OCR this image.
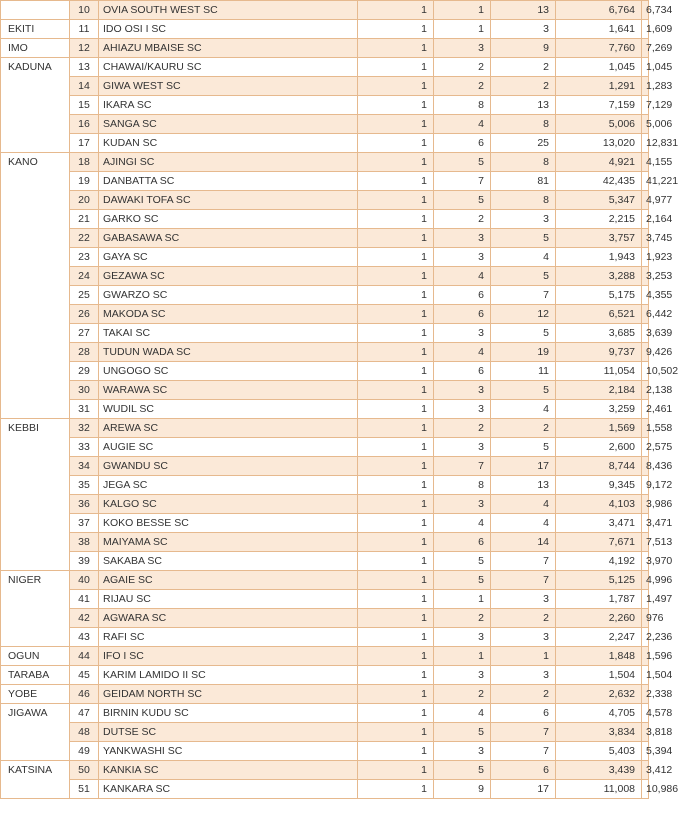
	10	OVIA SOUTH WEST SC	1	1	13	6,764	6,734
EKITI	11	IDO OSI I SC	1	1	3	1,641	1,609
IMO	12	AHIAZU MBAISE SC	1	3	9	7,760	7,269
KADUNA	13	CHAWAI/KAURU SC	1	2	2	1,045	1,045
	14	GIWA WEST SC	1	2	2	1,291	1,283
	15	IKARA SC	1	8	13	7,159	7,129
	16	SANGA SC	1	4	8	5,006	5,006
	17	KUDAN SC	1	6	25	13,020	12,831
KANO	18	AJINGI SC	1	5	8	4,921	4,155
	19	DANBATTA SC	1	7	81	42,435	41,221
	20	DAWAKI TOFA SC	1	5	8	5,347	4,977
	21	GARKO SC	1	2	3	2,215	2,164
	22	GABASAWA SC	1	3	5	3,757	3,745
	23	GAYA SC	1	3	4	1,943	1,923
	24	GEZAWA SC	1	4	5	3,288	3,253
	25	GWARZO SC	1	6	7	5,175	4,355
	26	MAKODA SC	1	6	12	6,521	6,442
	27	TAKAI SC	1	3	5	3,685	3,639
	28	TUDUN WADA SC	1	4	19	9,737	9,426
	29	UNGOGO SC	1	6	11	11,054	10,502
	30	WARAWA SC	1	3	5	2,184	2,138
	31	WUDIL SC	1	3	4	3,259	2,461
KEBBI	32	AREWA SC	1	2	2	1,569	1,558
	33	AUGIE SC	1	3	5	2,600	2,575
	34	GWANDU SC	1	7	17	8,744	8,436
	35	JEGA SC	1	8	13	9,345	9,172
	36	KALGO SC	1	3	4	4,103	3,986
	37	KOKO BESSE SC	1	4	4	3,471	3,471
	38	MAIYAMA SC	1	6	14	7,671	7,513
	39	SAKABA SC	1	5	7	4,192	3,970
NIGER	40	AGAIE SC	1	5	7	5,125	4,996
	41	RIJAU SC	1	1	3	1,787	1,497
	42	AGWARA SC	1	2	2	2,260	976
	43	RAFI SC	1	3	3	2,247	2,236
OGUN	44	IFO I SC	1	1	1	1,848	1,596
TARABA	45	KARIM LAMIDO II SC	1	3	3	1,504	1,504
YOBE	46	GEIDAM NORTH SC	1	2	2	2,632	2,338
JIGAWA	47	BIRNIN KUDU SC	1	4	6	4,705	4,578
	48	DUTSE SC	1	5	7	3,834	3,818
	49	YANKWASHI SC	1	3	7	5,403	5,394
KATSINA	50	KANKIA SC	1	5	6	3,439	3,412
	51	KANKARA SC	1	9	17	11,008	10,986
